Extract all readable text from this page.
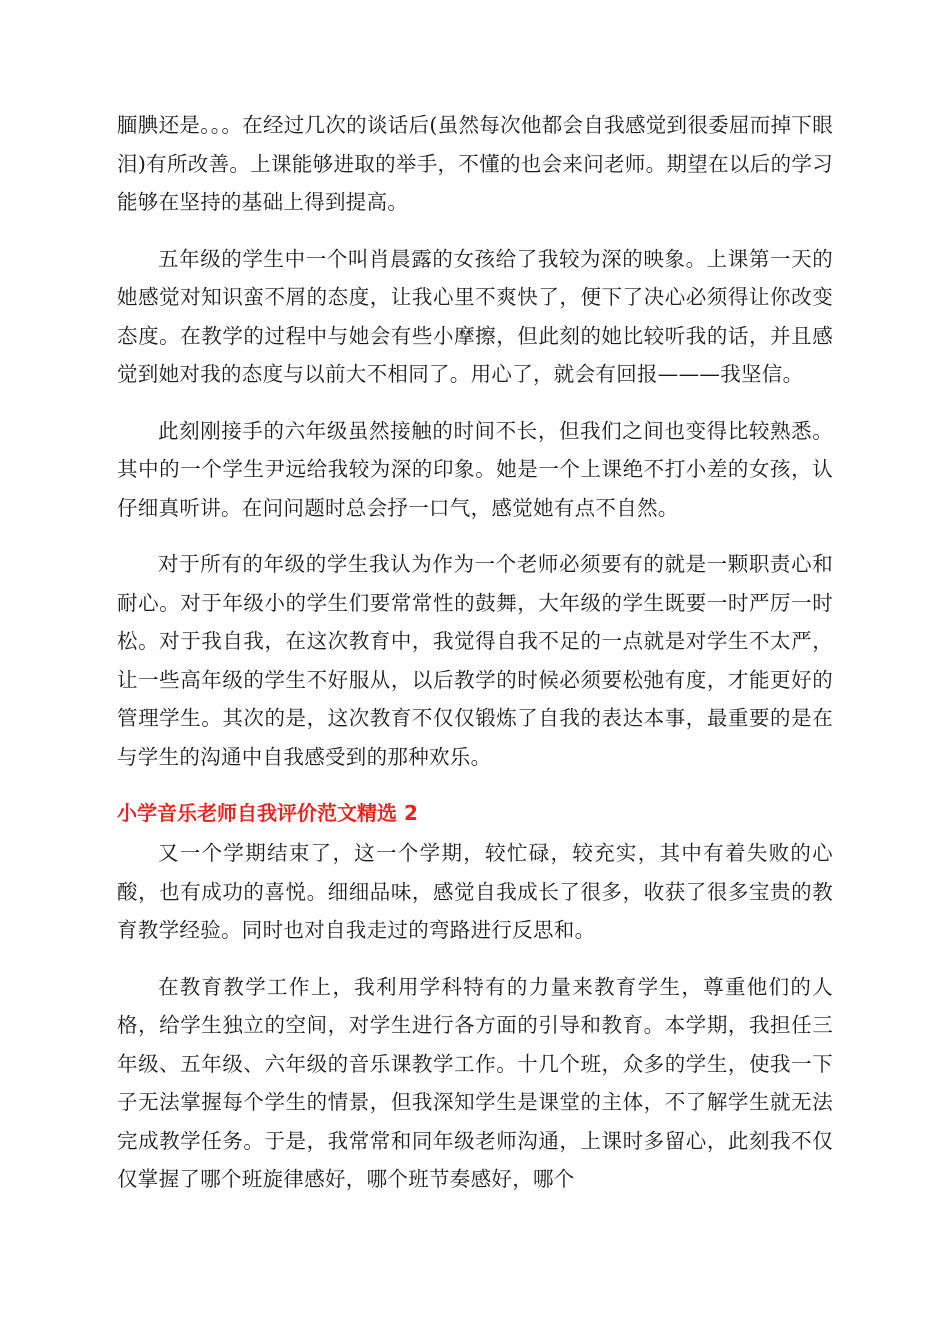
腼腆还是。。。在经过几次的谈话后(虽然每次他都会自我感觉到很委屈而掉下眼泪)有所改善。上课能够进取的举手，不懂的也会来问老师。期望在以后的学习能够在坚持的基础上得到提高。

五年级的学生中一个叫肖晨露的女孩给了我较为深的映象。上课第一天的她感觉对知识蛮不屑的态度，让我心里不爽快了，便下了决心必须得让你改变态度。在教学的过程中与她会有些小摩擦，但此刻的她比较听我的话，并且感觉到她对我的态度与以前大不相同了。用心了，就会有回报———我坚信。

此刻刚接手的六年级虽然接触的时间不长，但我们之间也变得比较熟悉。其中的一个学生尹远给我较为深的印象。她是一个上课绝不打小差的女孩，认仔细真听讲。在问问题时总会抒一口气，感觉她有点不自然。

对于所有的年级的学生我认为作为一个老师必须要有的就是一颗职责心和耐心。对于年级小的学生们要常常性的鼓舞，大年级的学生既要一时严厉一时松。对于我自我，在这次教育中，我觉得自我不足的一点就是对学生不太严，让一些高年级的学生不好服从，以后教学的时候必须要松弛有度，才能更好的管理学生。其次的是，这次教育不仅仅锻炼了自我的表达本事，最重要的是在与学生的沟通中自我感受到的那种欢乐。

小学音乐老师自我评价范文精选 2

又一个学期结束了，这一个学期，较忙碌，较充实，其中有着失败的心酸，也有成功的喜悦。细细品味，感觉自我成长了很多，收获了很多宝贵的教育教学经验。同时也对自我走过的弯路进行反思和。

在教育教学工作上，我利用学科特有的力量来教育学生，尊重他们的人格，给学生独立的空间，对学生进行各方面的引导和教育。本学期，我担任三年级、五年级、六年级的音乐课教学工作。十几个班，众多的学生，使我一下子无法掌握每个学生的情景，但我深知学生是课堂的主体，不了解学生就无法完成教学任务。于是，我常常和同年级老师沟通，上课时多留心，此刻我不仅仅掌握了哪个班旋律感好，哪个班节奏感好，哪个
